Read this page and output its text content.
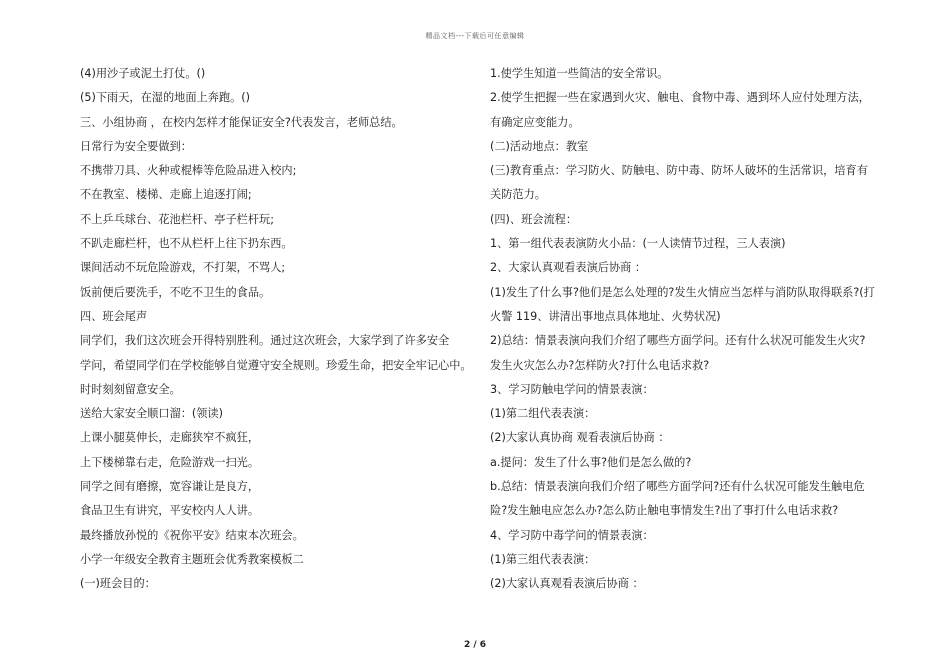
精品文档---下载后可任意编辑
(4)用沙子或泥土打仗。()
(5)下雨天，在湿的地面上奔跑。()
三、小组协商 ，在校内怎样才能保证安全?代表发言，老师总结。
日常行为安全要做到：
不携带刀具、火种或棍棒等危险品进入校内;
不在教室、楼梯、走廊上追逐打闹;
不上乒乓球台、花池栏杆、亭子栏杆玩;
不趴走廊栏杆，也不从栏杆上往下扔东西。
课间活动不玩危险游戏，不打架，不骂人;
饭前便后要洗手，不吃不卫生的食品。
四、班会尾声
同学们，我们这次班会开得特别胜利。通过这次班会，大家学到了许多安全
学问，希望同学们在学校能够自觉遵守安全规则。珍爱生命，把安全牢记心中。
时时刻刻留意安全。
送给大家安全顺口溜：(领读)
上课小腿莫伸长，走廊狭窄不疯狂，
上下楼梯靠右走，危险游戏一扫光。
同学之间有磨擦，宽容谦让是良方，
食品卫生有讲究，平安校内人人讲。
最终播放孙悦的《祝你平安》结束本次班会。
小学一年级安全教育主题班会优秀教案模板二
(一)班会目的：
1.使学生知道一些简洁的安全常识。
2.使学生把握一些在家遇到火灾、触电、食物中毒、遇到坏人应付处理方法，
有确定应变能力。
(二)活动地点：教室
(三)教育重点：学习防火、防触电、防中毒、防坏人破坏的生活常识，培育有
关防范力。
(四)、班会流程：
1、第一组代表表演防火小品：(一人读情节过程，三人表演)
2、大家认真观看表演后协商 ：
(1)发生了什么事?他们是怎么处理的?发生火情应当怎样与消防队取得联系?(打
火警 119、讲清出事地点具体地址、火势状况)
2)总结：情景表演向我们介绍了哪些方面学问。还有什么状况可能发生火灾?
发生火灾怎么办?怎样防火?打什么电话求救?
3、学习防触电学问的情景表演：
(1)第二组代表表演：
(2)大家认真协商 观看表演后协商 ：
a.提问：发生了什么事?他们是怎么做的?
b.总结：情景表演向我们介绍了哪些方面学问?还有什么状况可能发生触电危
险?发生触电应怎么办?怎么防止触电事情发生?出了事打什么电话求救?
4、学习防中毒学问的情景表演：
(1)第三组代表表演：
(2)大家认真观看表演后协商 ：
2 / 6
